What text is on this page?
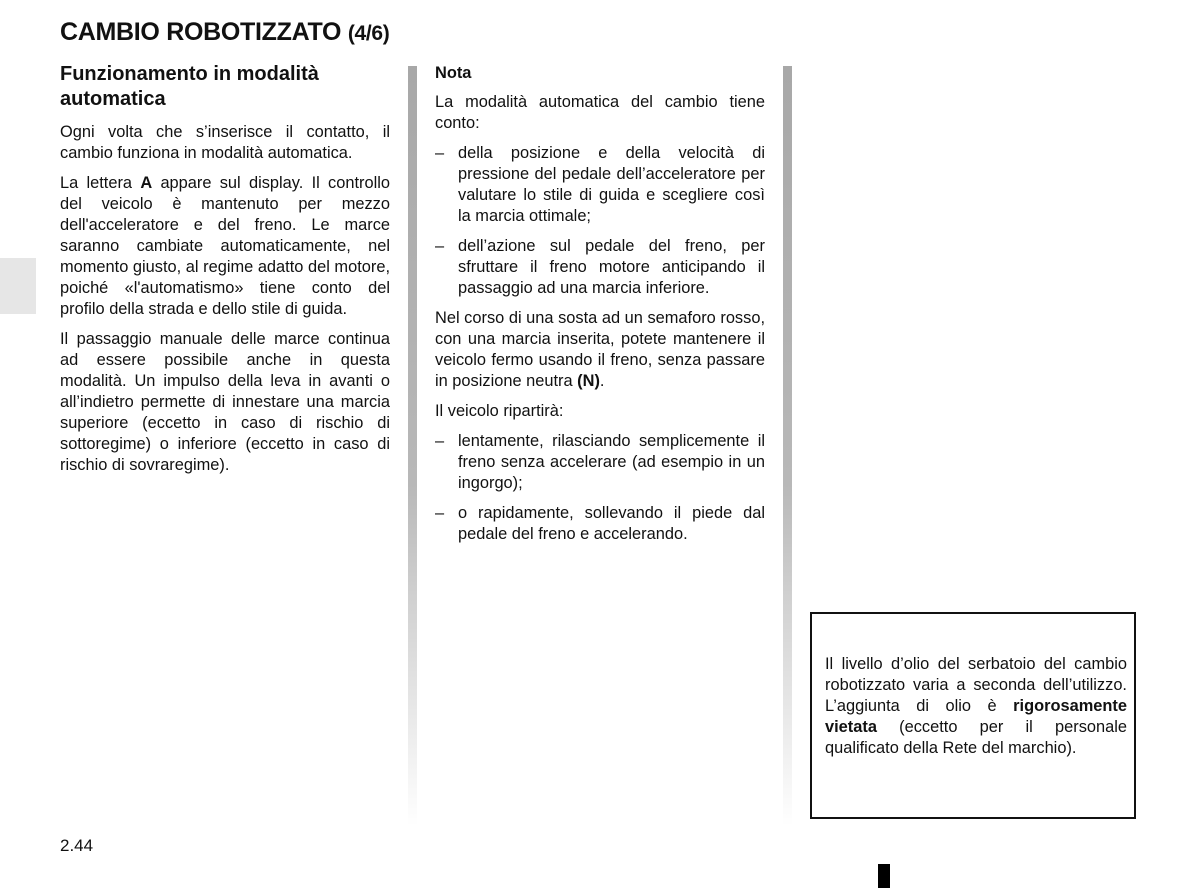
CAMBIO ROBOTIZZATO (4/6)
Funzionamento in modalità
automatica

Ogni volta che s’inserisce il contatto, il cambio funziona in modalità automatica.

La lettera A appare sul display. Il controllo del veicolo è mantenuto per mezzo dell'acceleratore e del freno. Le marce saranno cambiate automaticamente, nel momento giusto, al regime adatto del motore, poiché «l'automatismo» tiene conto del profilo della strada e dello stile di guida.

Il passaggio manuale delle marce continua ad essere possibile anche in questa modalità. Un impulso della leva in avanti o all’indietro permette di innestare una marcia superiore (eccetto in caso di rischio di sottoregime) o inferiore (eccetto in caso di rischio di sovraregime).

Nota

La modalità automatica del cambio tiene conto:

– della posizione e della velocità di pressione del pedale dell’acceleratore per valutare lo stile di guida e scegliere così la marcia ottimale;
– dell’azione sul pedale del freno, per sfruttare il freno motore anticipando il passaggio ad una marcia inferiore.

Nel corso di una sosta ad un semaforo rosso, con una marcia inserita, potete mantenere il veicolo fermo usando il freno, senza passare in posizione neutra (N).

Il veicolo ripartirà:

– lentamente, rilasciando semplicemente il freno senza accelerare (ad esempio in un ingorgo);
– o rapidamente, sollevando il piede dal pedale del freno e accelerando.

Il livello d’olio del serbatoio del cambio robotizzato varia a seconda dell’utilizzo. L’aggiunta di olio è rigorosamente vietata (eccetto per il personale qualificato della Rete del marchio).

2.44
